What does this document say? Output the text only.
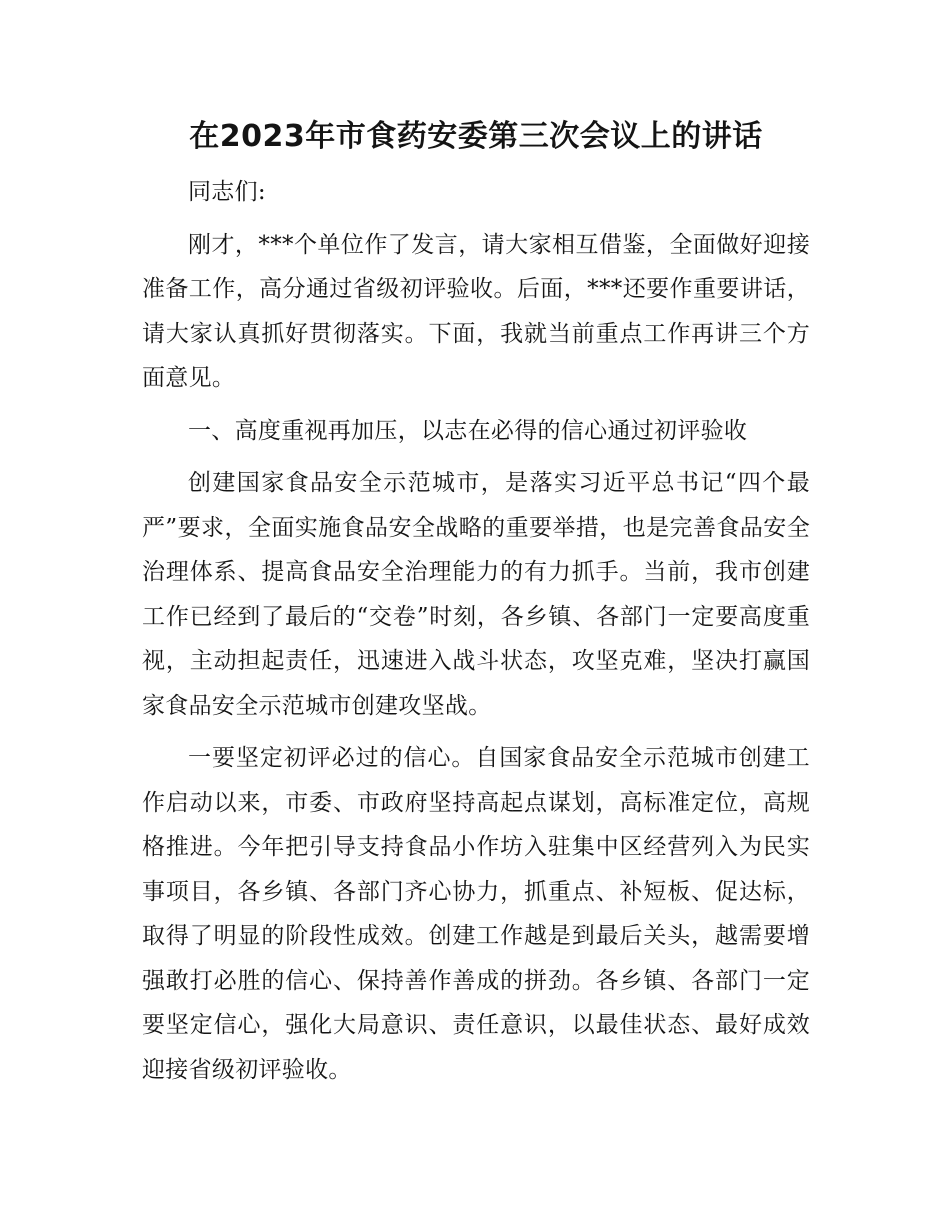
在2023年市食药安委第三次会议上的讲话

同志们:

刚才，***个单位作了发言，请大家相互借鉴，全面做好迎接准备工作，高分通过省级初评验收。后面，***还要作重要讲话，请大家认真抓好贯彻落实。下面，我就当前重点工作再讲三个方面意见。

一、高度重视再加压，以志在必得的信心通过初评验收

创建国家食品安全示范城市，是落实习近平总书记“四个最严”要求，全面实施食品安全战略的重要举措，也是完善食品安全治理体系、提高食品安全治理能力的有力抓手。当前，我市创建工作已经到了最后的“交卷”时刻，各乡镇、各部门一定要高度重视，主动担起责任，迅速进入战斗状态，攻坚克难，坚决打赢国家食品安全示范城市创建攻坚战。

一要坚定初评必过的信心。自国家食品安全示范城市创建工作启动以来，市委、市政府坚持高起点谋划，高标准定位，高规格推进。今年把引导支持食品小作坊入驻集中区经营列入为民实事项目，各乡镇、各部门齐心协力，抓重点、补短板、促达标，取得了明显的阶段性成效。创建工作越是到最后关头，越需要增强敢打必胜的信心、保持善作善成的拼劲。各乡镇、各部门一定要坚定信心，强化大局意识、责任意识，以最佳状态、最好成效迎接省级初评验收。
